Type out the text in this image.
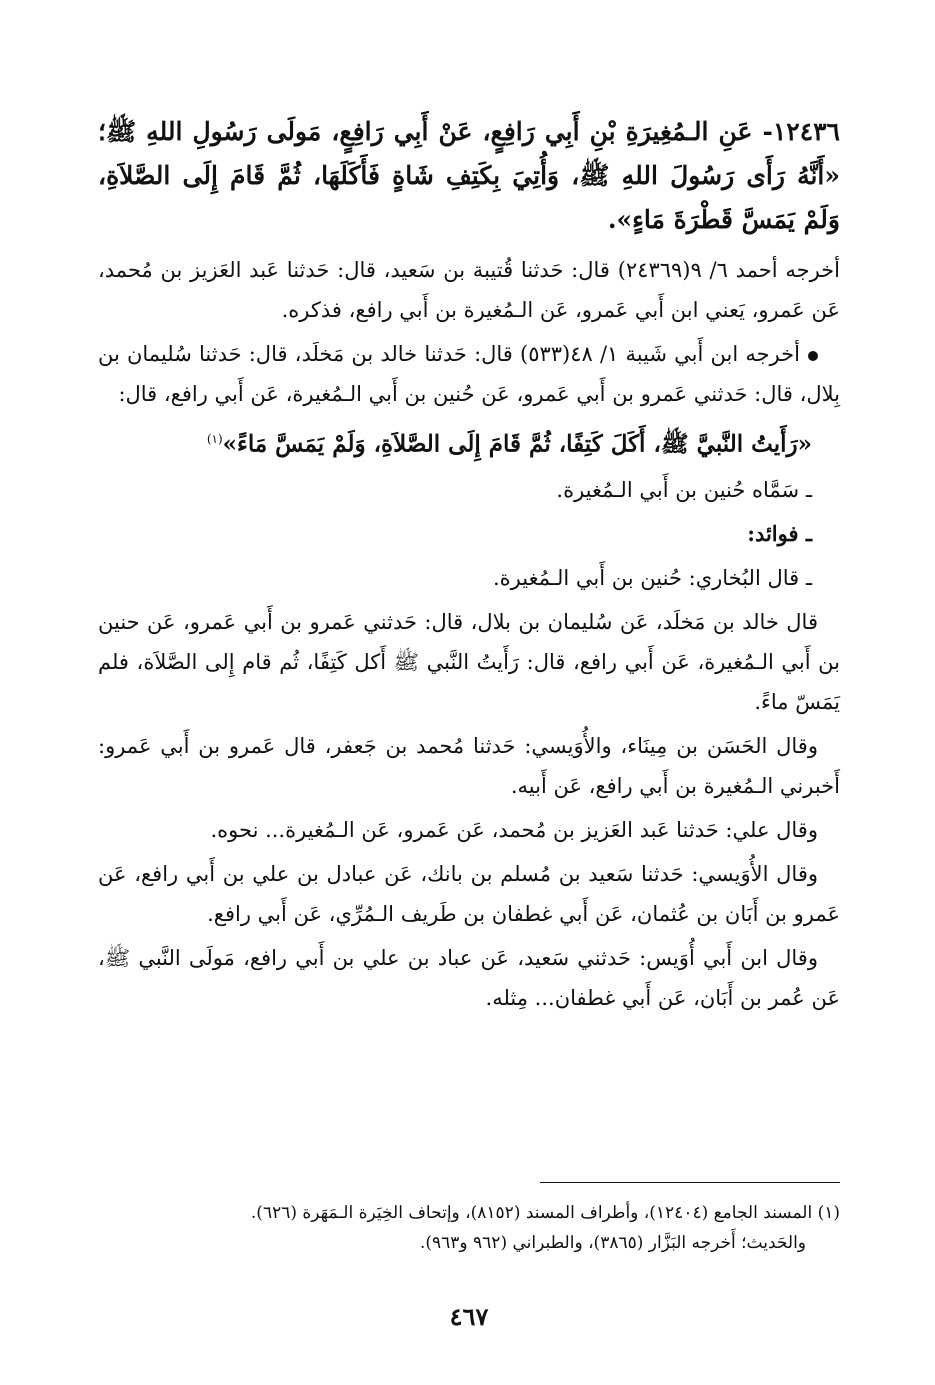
١٢٤٣٦- عَنِ الـمُغِيرَةِ بْنِ أَبِي رَافِعٍ، عَنْ أَبِي رَافِعٍ، مَولَى رَسُولِ اللهِ ﷺ؛ «أَنَّهُ رَأَى رَسُولَ اللهِ ﷺ، وَأُتِيَ بِكَتِفِ شَاةٍ فَأَكَلَهَا، ثُمَّ قَامَ إِلَى الصَّلاَةِ، وَلَمْ يَمَسَّ قَطْرَةَ مَاءٍ».

أخرجه أحمد ٦/ ٩(٢٤٣٦٩) قال: حَدثنا قُتيبة بن سَعيد، قال: حَدثنا عَبد العَزيز بن مُحمد، عَن عَمرو، يَعني ابن أَبي عَمرو، عَن الـمُغيرة بن أَبي رافع، فذكره.

أخرجه ابن أَبي شَيبة ١/ ٤٨(٥٣٣) قال: حَدثنا خالد بن مَخلَد، قال: حَدثنا سُليمان بن بِلال، قال: حَدثني عَمرو بن أَبي عَمرو، عَن حُنين بن أَبي الـمُغيرة، عَن أَبي رافع، قال:

«رَأَيتُ النَّبيَّ ﷺ، أَكَلَ كَتِفًا، ثُمَّ قَامَ إِلَى الصَّلاَةِ، وَلَمْ يَمَسَّ مَاءً»$^{(١)}$

ـ سَمَّاه حُنين بن أَبي الـمُغيرة.

ـ فوائد:

ـ قال البُخاري: حُنين بن أَبي الـمُغيرة.

قال خالد بن مَخلَد، عَن سُليمان بن بلال، قال: حَدثني عَمرو بن أَبي عَمرو، عَن حنين بن أَبي الـمُغيرة، عَن أَبي رافع، قال: رَأَيتُ النَّبي ﷺ أَكل كَتِفًا، ثُم قام إِلى الصَّلاَة، فلم يَمَسّ ماءً.

وقال الحَسَن بن مِينَاء، والأُوَيسي: حَدثنا مُحمد بن جَعفر، قال عَمرو بن أَبي عَمرو: أَخبرني الـمُغيرة بن أَبي رافع، عَن أَبيه.

وقال علي: حَدثنا عَبد العَزيز بن مُحمد، عَن عَمرو، عَن الـمُغيرة... نحوه.

وقال الأُوَيسي: حَدثنا سَعيد بن مُسلم بن بانك، عَن عبادل بن علي بن أَبي رافع، عَن عَمرو بن أَبَان بن عُثمان، عَن أَبي غطفان بن طَريف الـمُرِّي، عَن أَبي رافع.

وقال ابن أَبي أُوَيس: حَدثني سَعيد، عَن عباد بن علي بن أَبي رافع، مَولَى النَّبي ﷺ، عَن عُمر بن أَبَان، عَن أَبي غطفان... مِثله.

(١) المسند الجامع (١٢٤٠٤)، وأطراف المسند (٨١٥٢)، وإتحاف الخِيَرة الـمَهَرة (٦٢٦).

والحَديث؛ أَخرجه البَزَّار (٣٨٦٥)، والطبراني (٩٦٢ و٩٦٣).

٤٦٧
